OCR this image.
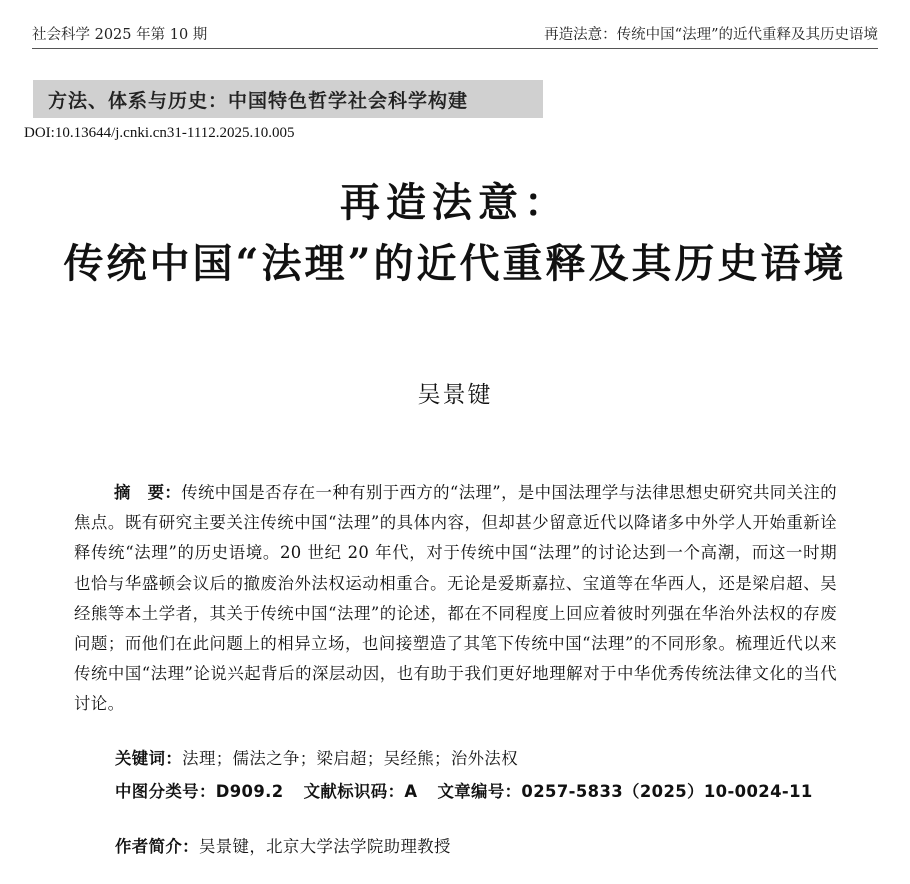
社会科学 2025 年第 10 期	再造法意：传统中国“法理”的近代重释及其历史语境
方法、体系与历史：中国特色哲学社会科学构建
DOI:10.13644/j.cnki.cn31-1112.2025.10.005
再造法意：
传统中国“法理”的近代重释及其历史语境
吴景键
摘　要：传统中国是否存在一种有别于西方的“法理”，是中国法理学与法律思想史研究共同关注的焦点。既有研究主要关注传统中国“法理”的具体内容，但却甚少留意近代以降诸多中外学人开始重新诠释传统“法理”的历史语境。20 世纪 20 年代，对于传统中国“法理”的讨论达到一个高潮，而这一时期也恰与华盛顿会议后的撤废治外法权运动相重合。无论是爱斯嘉拉、宝道等在华西人，还是梁启超、吴经熊等本土学者，其关于传统中国“法理”的论述，都在不同程度上回应着彼时列强在华治外法权的存废问题；而他们在此问题上的相异立场，也间接塑造了其笔下传统中国“法理”的不同形象。梳理近代以来传统中国“法理”论说兴起背后的深层动因，也有助于我们更好地理解对于中华优秀传统法律文化的当代讨论。
关键词：法理；儒法之争；梁启超；吴经熊；治外法权
中图分类号：D909.2 文献标识码：A 文章编号：0257-5833（2025）10-0024-11
作者简介：吴景键，北京大学法学院助理教授
